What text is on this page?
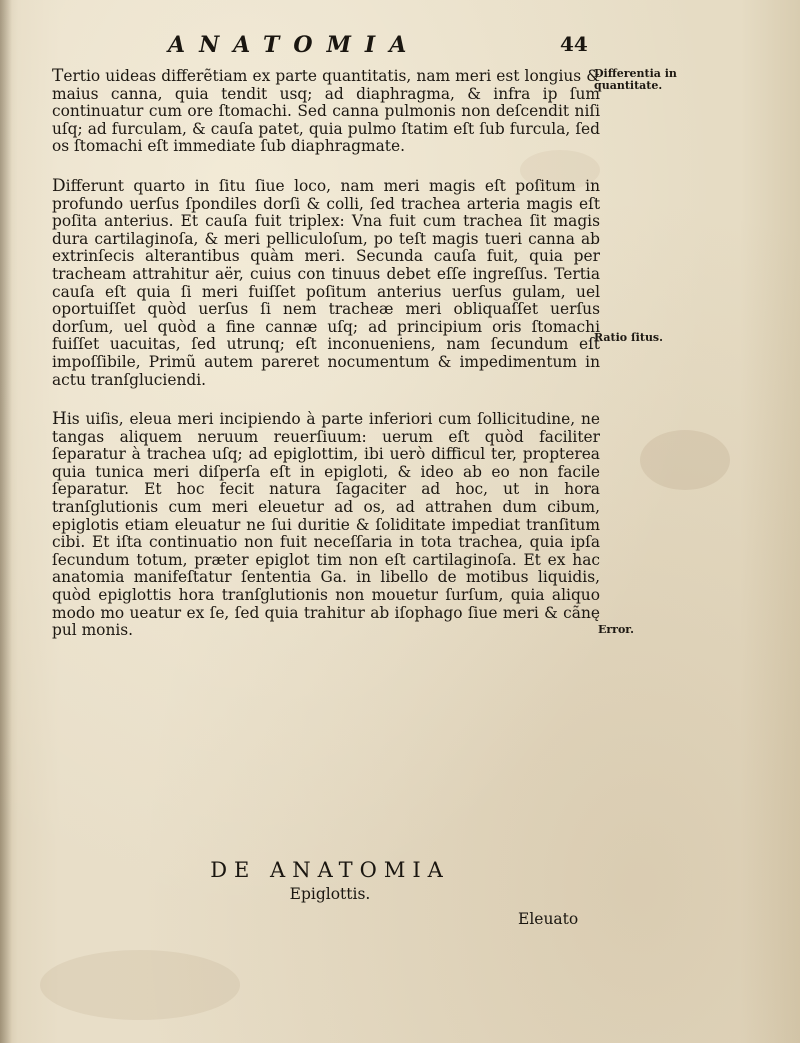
ANATOMIA	44

Tertio uideas differẽtiam ex parte quantitatis, nam meri est longius & maius canna, quia tendit usq; ad diaphragma, & infra ip ſum continuatur cum ore ſtomachi. Sed canna pulmonis non deſcendit niſi uſq; ad furculam, & cauſa patet, quia pulmo ſtatim eſt ſub furcula, ſed os ſtomachi eſt immediate ſub diaphragmate.

Differunt quarto in ſitu ſiue loco, nam meri magis eſt poſitum in profundo uerſus ſpondiles dorſi & colli, ſed trachea arteria magis eſt poſita anterius. Et cauſa fuit triplex: Vna fuit cum trachea ſit magis dura cartilaginoſa, & meri pelliculoſum, po teſt magis tueri canna ab extrinſecis alterantibus quàm meri. Secunda cauſa fuit, quia per tracheam attrahitur aër, cuius con tinuus debet eſſe ingreſſus. Tertia cauſa eſt quia ſi meri fuiſſet poſitum anterius uerſus gulam, uel oportuiſſet quòd uerſus ſi nem tracheæ meri obliquaſſet uerſus dorſum, uel quòd a fine cannæ uſq; ad principium oris ſtomachi fuiſſet uacuitas, ſed utrunq; eſt inconueniens, nam ſecundum eſt impoſſibile, Primũ autem pareret nocumentum & impedimentum in actu tranſgluciendi.

His uiſis, eleua meri incipiendo à parte inferiori cum ſollicitudine, ne tangas aliquem neruum reuerſiuum: uerum eſt quòd faciliter ſeparatur à trachea uſq; ad epiglottim, ibi uerò difficul ter, propterea quia tunica meri diſperſa eſt in epigloti, & ideo ab eo non facile ſeparatur. Et hoc fecit natura ſagaciter ad hoc, ut in hora tranſglutionis cum meri eleuetur ad os, ad attrahen dum cibum, epiglotis etiam eleuatur ne ſui duritie & ſoliditate impediat tranſitum cibi. Et iſta continuatio non fuit neceſſaria in tota trachea, quia ipſa ſecundum totum, præter epiglot tim non eſt cartilaginoſa. Et ex hac anatomia manifeſtatur ſententia Ga. in libello de motibus liquidis, quòd epiglottis hora tranſglutionis non mouetur ſurſum, quia aliquo modo mo ueatur ex ſe, ſed quia trahitur ab iſophago ſiue meri & cãnę pul monis.

Differentia in quantitate.
Ratio ſitus.
Error.
DE ANATOMIA
Epiglottis.
Eleuato
